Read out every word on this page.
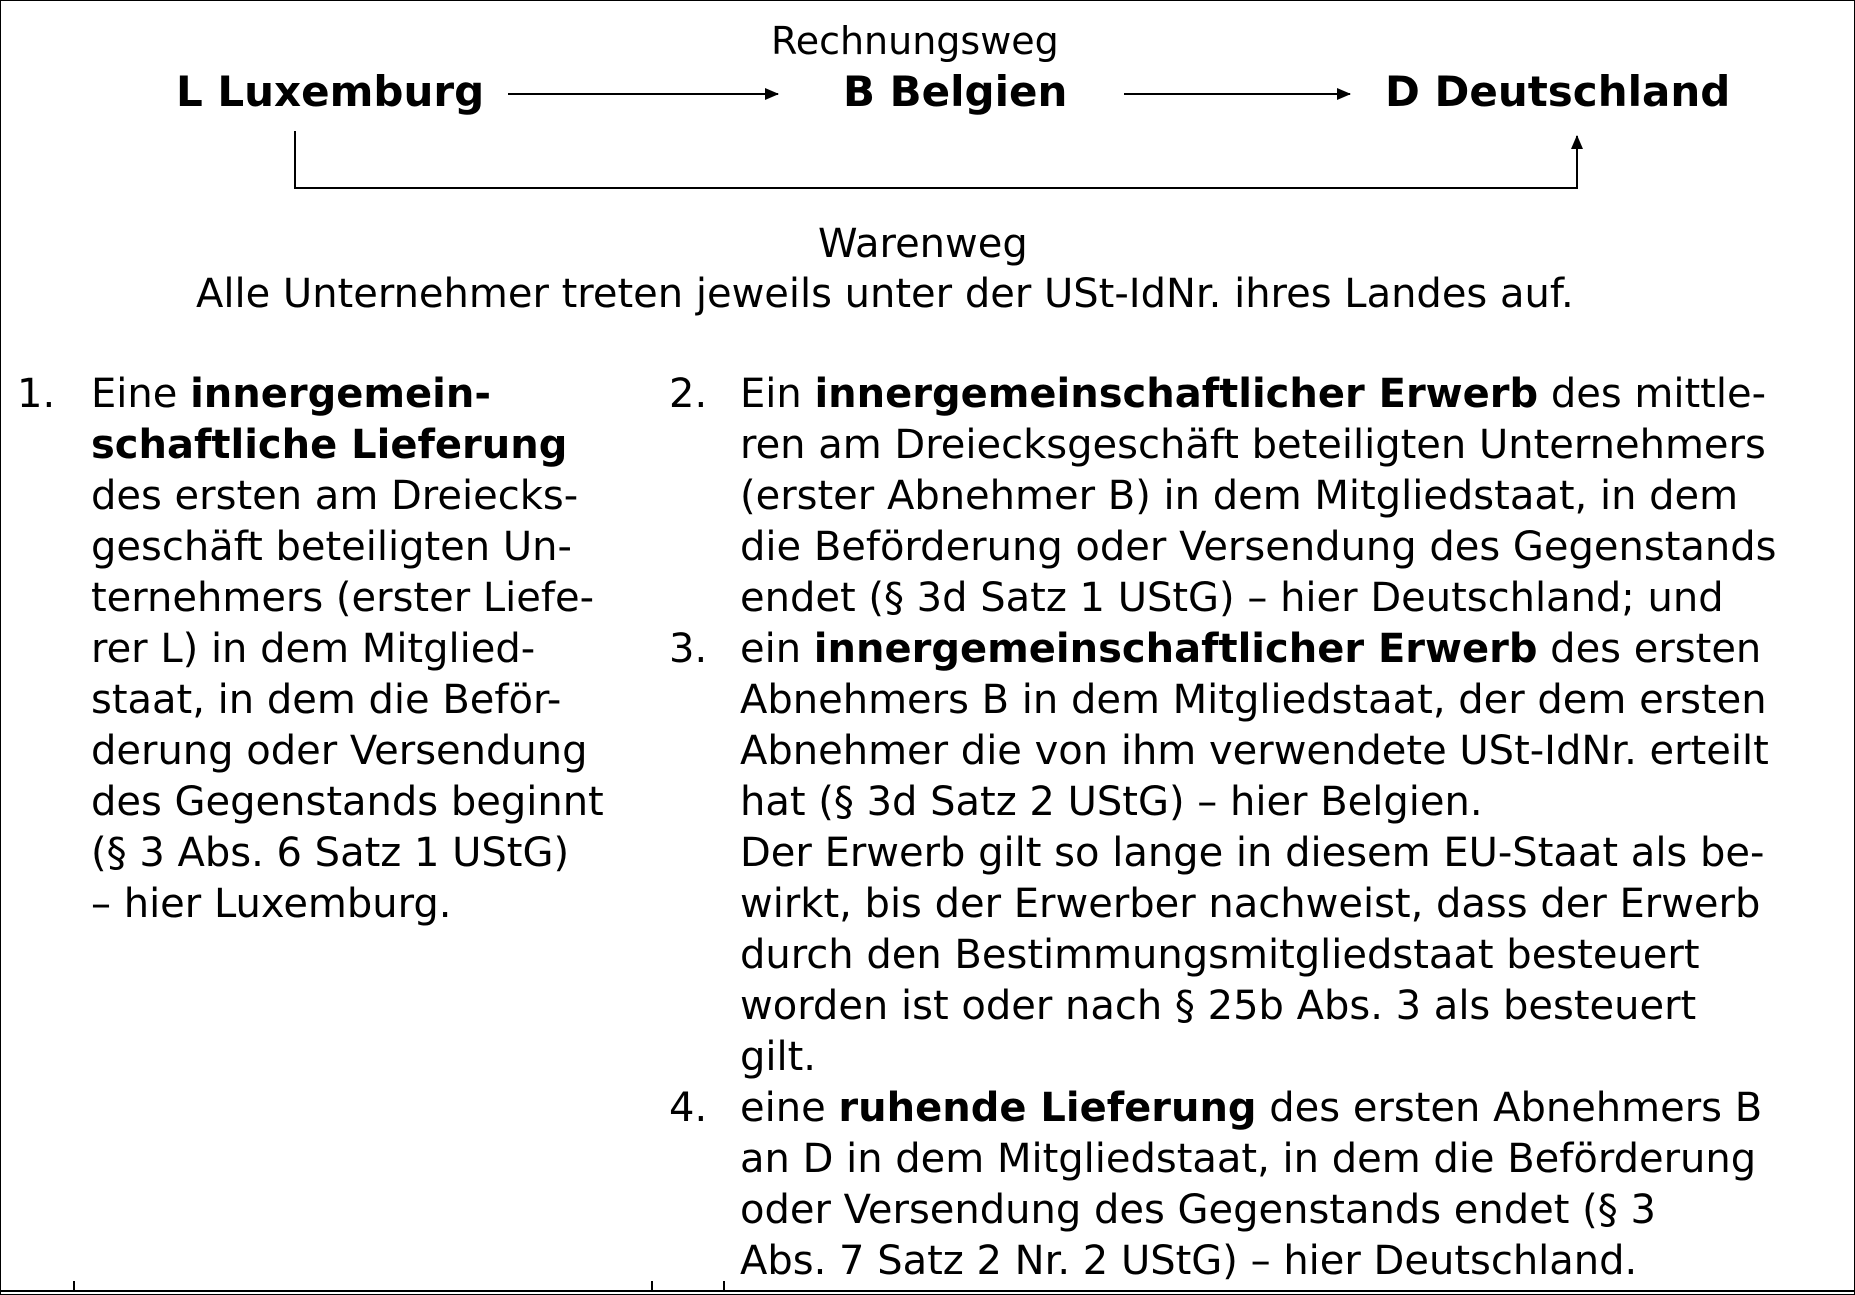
Rechnungsweg
L Luxemburg	B Belgien	D Deutschland
Warenweg
Alle Unternehmer treten jeweils unter der USt-IdNr. ihres Landes auf.
1. Eine innergemein-
schaftliche Lieferung
des ersten am Dreiecks-
geschäft beteiligten Un-
ternehmers (erster Liefe-
rer L) in dem Mitglied-
staat, in dem die Beför-
derung oder Versendung
des Gegenstands beginnt
(§ 3 Abs. 6 Satz 1 UStG)
– hier Luxemburg.
2. Ein innergemeinschaftlicher Erwerb des mittle-
ren am Dreiecksgeschäft beteiligten Unternehmers
(erster Abnehmer B) in dem Mitgliedstaat, in dem
die Beförderung oder Versendung des Gegenstands
endet (§ 3d Satz 1 UStG) – hier Deutschland; und
3. ein innergemeinschaftlicher Erwerb des ersten
Abnehmers B in dem Mitgliedstaat, der dem ersten
Abnehmer die von ihm verwendete USt-IdNr. erteilt
hat (§ 3d Satz 2 UStG) – hier Belgien.
Der Erwerb gilt so lange in diesem EU-Staat als be-
wirkt, bis der Erwerber nachweist, dass der Erwerb
durch den Bestimmungsmitgliedstaat besteuert
worden ist oder nach § 25b Abs. 3 als besteuert
gilt.
4. eine ruhende Lieferung des ersten Abnehmers B
an D in dem Mitgliedstaat, in dem die Beförderung
oder Versendung des Gegenstands endet (§ 3
Abs. 7 Satz 2 Nr. 2 UStG) – hier Deutschland.
